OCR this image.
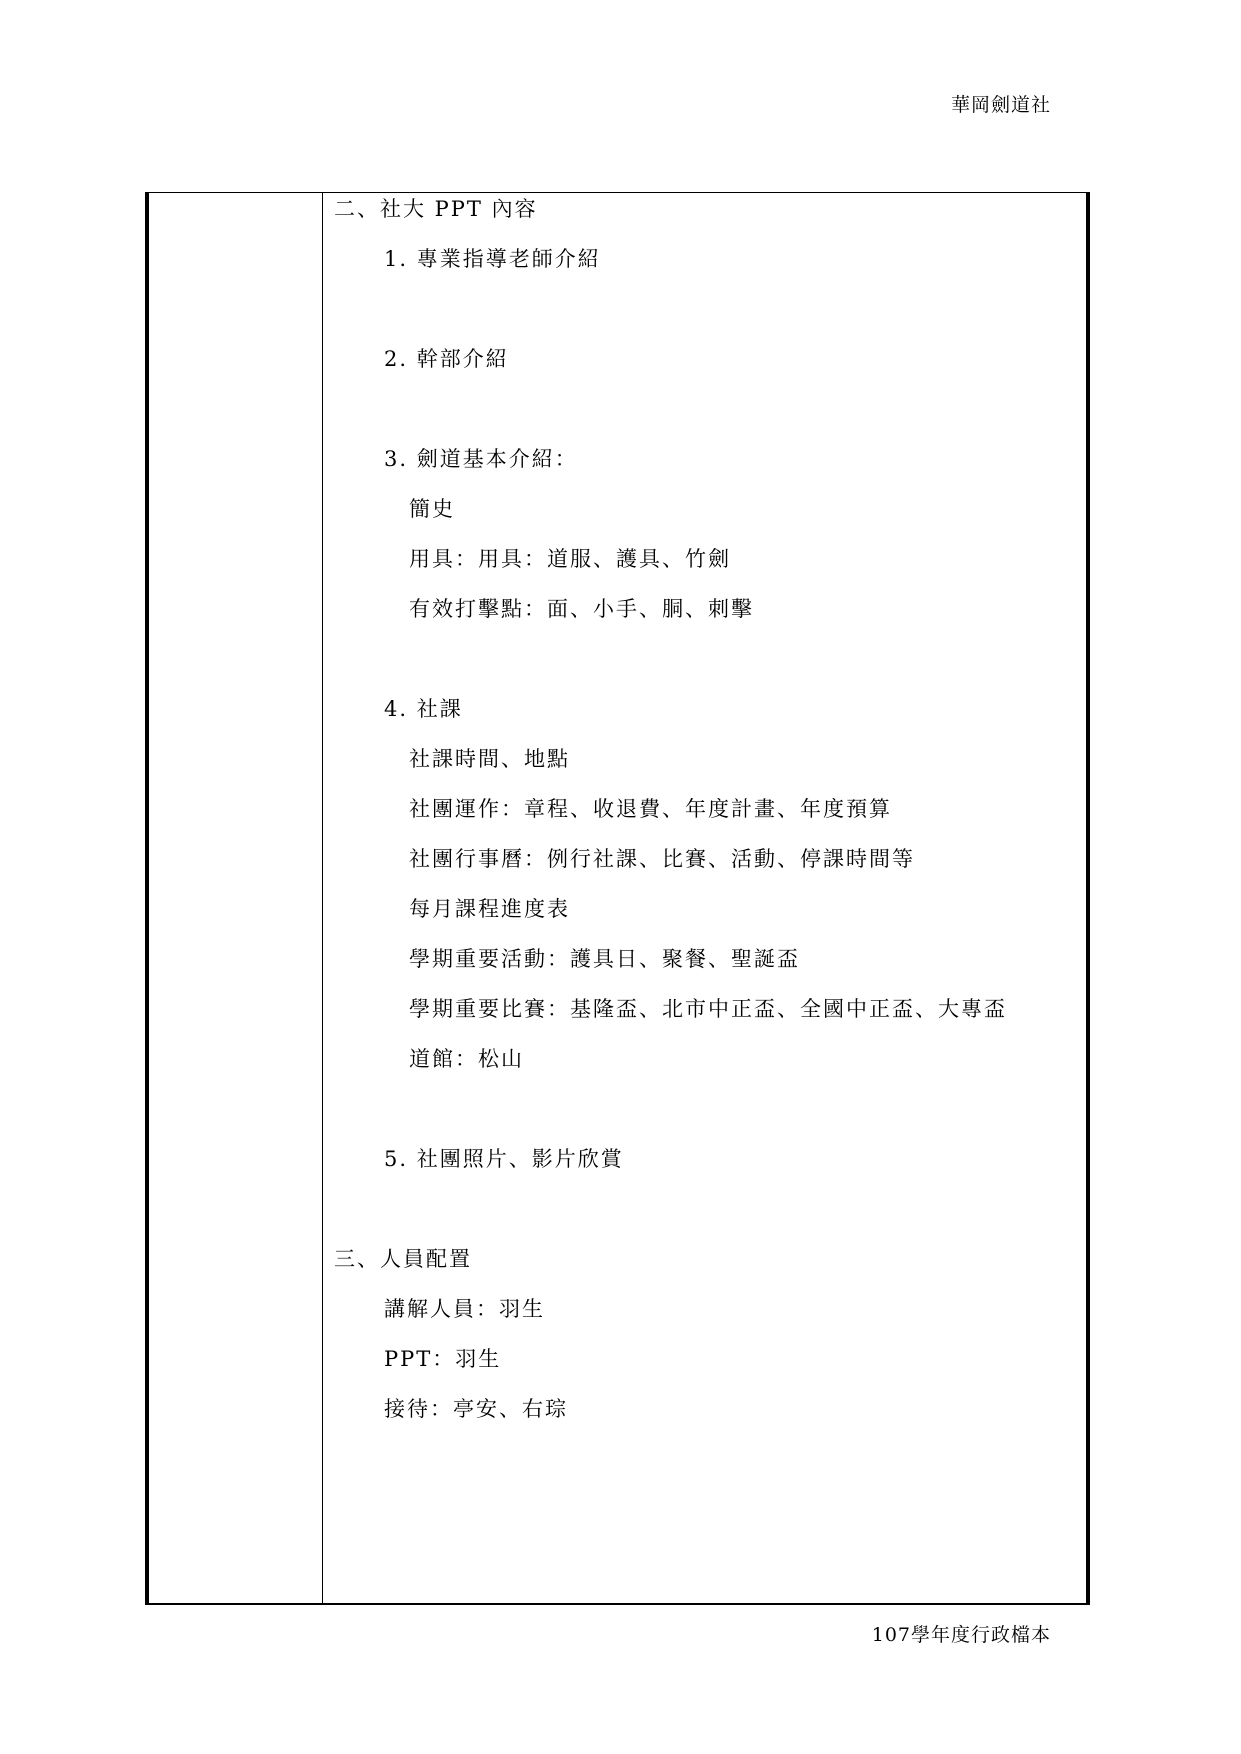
華岡劍道社
二、社大 PPT 內容
1. 專業指導老師介紹
2. 幹部介紹
3. 劍道基本介紹：
簡史
用具：用具：道服、護具、竹劍
有效打擊點：面、小手、胴、刺擊
4. 社課
社課時間、地點
社團運作：章程、收退費、年度計畫、年度預算
社團行事曆：例行社課、比賽、活動、停課時間等
每月課程進度表
學期重要活動：護具日、聚餐、聖誕盃
學期重要比賽：基隆盃、北市中正盃、全國中正盃、大專盃
道館：松山
5. 社團照片、影片欣賞
三、人員配置
講解人員：羽生
PPT：羽生
接待：亭安、右琮
107學年度行政檔本
